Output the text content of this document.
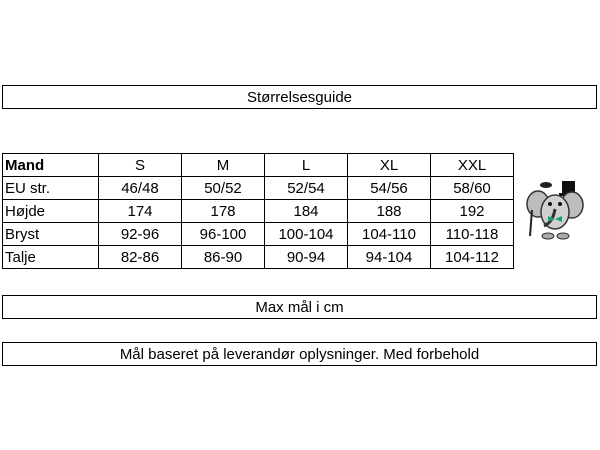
Størrelsesguide
Mand	S	M	L	XL	XXL
EU str.	46/48	50/52	52/54	54/56	58/60
Højde	174	178	184	188	192
Bryst	92-96	96-100	100-104	104-110	110-118
Talje	82-86	86-90	90-94	94-104	104-112
Max mål i cm
Mål baseret på leverandør oplysninger. Med forbehold
